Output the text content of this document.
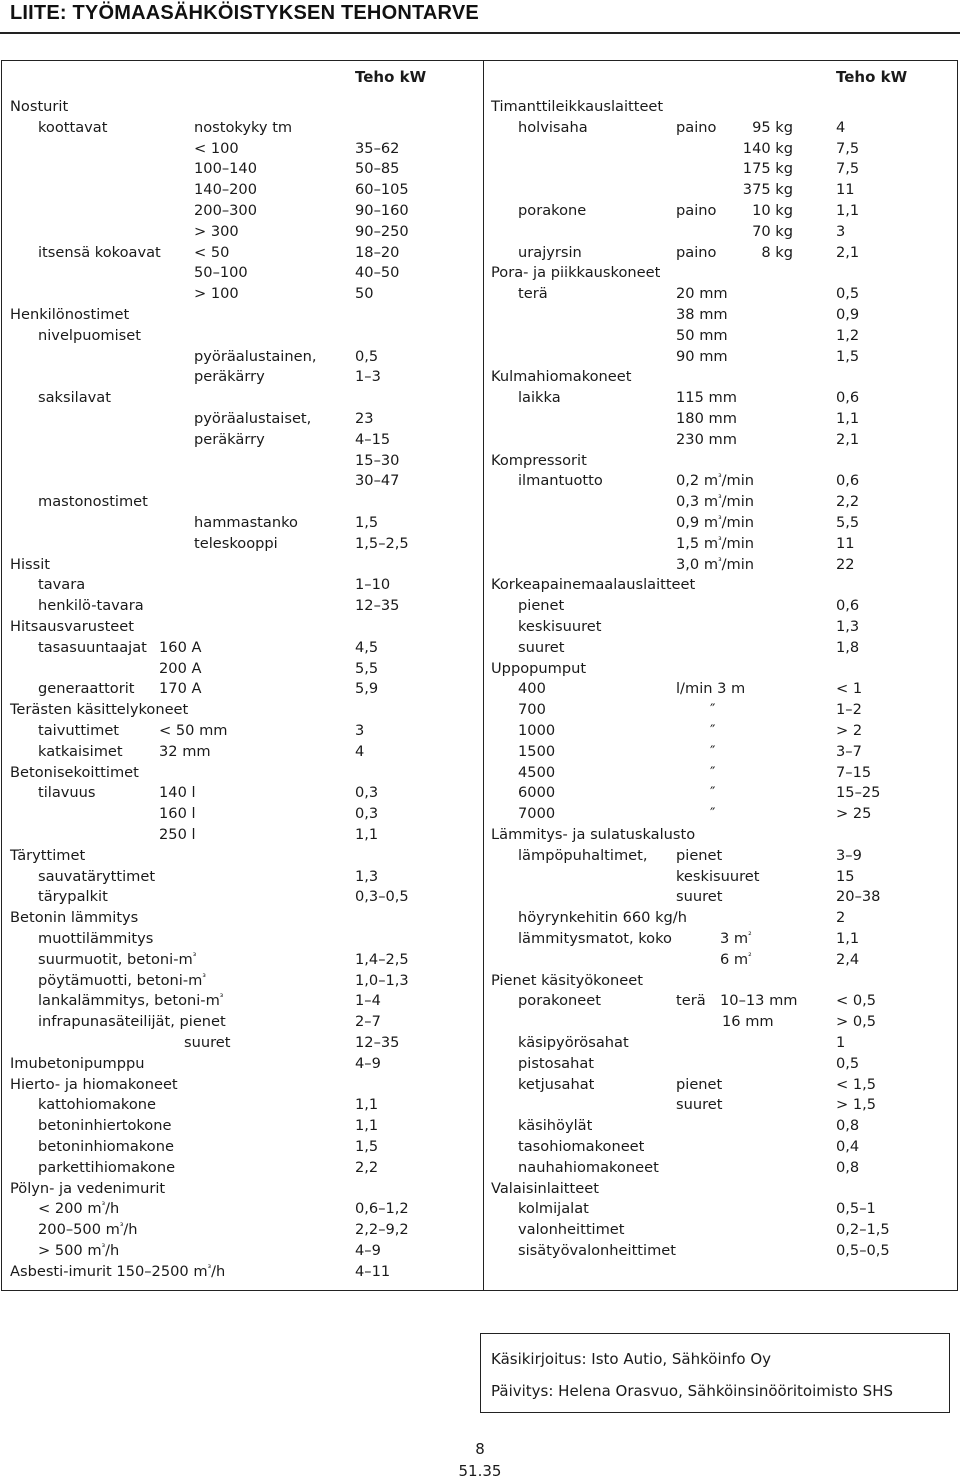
LIITE: TYÖMAASÄHKÖISTYKSEN TEHONTARVE
Teho kW	Teho kW
Nosturit
koottavat	nostokyky tm
< 100	35–62
100–140	50–85
140–200	60–105
200–300	90–160
> 300	90–250
itsensä kokoavat < 50	18–20
50–100	40–50
> 100	50
Henkilönostimet
nivelpuomiset
pyöräalustainen,	0,5
peräkärry	1–3
saksilavat
pyöräalustaiset,	23
peräkärry	4–15
15–30
30–47
mastonostimet
hammastanko	1,5
teleskooppi	1,5–2,5
Hissit
tavara	1–10
henkilö-tavara	12–35
Hitsausvarusteet
tasasuuntaajat 160 A	4,5
200 A	5,5
generaattorit 170 A	5,9
Terästen käsittelykoneet
taivuttimet	< 50 mm	3
katkaisimet 32 mm	4
Betonisekoittimet
tilavuus	140 l	0,3
160 l	0,3
250 l	1,1
Täryttimet
sauvatäryttimet	1,3
tärypalkit	0,3–0,5
Betonin lämmitys
muottilämmitys
suurmuotit, betoni-$m^{^3}$	1,4–2,5
pöytämuotti, betoni-$m^{^3}$	1,0–1,3
lankalämmitys, betoni-$m^{^3}$	1–4
infrapunasäteilijät, pienet	2–7
suuret	12–35
Imubetonipumppu	4–9
Hierto- ja hiomakoneet
kattohiomakone	1,1
betoninhiertokone	1,1
betoninhiomakone	1,5
parkettihiomakone	2,2
Pölyn- ja vedenimurit
< 200 $m^{^3}/h$	0,6–1,2
200–500 $m^{^3}/h$	2,2–9,2
> 500 $m^{^3}/h$	4–9
Asbesti-imurit 150–2500 $m^{^3}/h$	4–11
Timanttileikkauslaitteet
holvisaha	paino 95 kg	4
140 kg	7,5
175 kg	7,5
375 kg	11
porakone	paino 10 kg	1,1
70 kg	3
urajyrsin	paino	8 kg	2,1
Pora- ja piikkauskoneet
terä	20 mm	0,5
38 mm	0,9
50 mm	1,2
90 mm	1,5
Kulmahiomakoneet
laikka	115 mm	0,6
180 mm	1,1
230 mm	2,1
Kompressorit
ilmantuotto	0,2 $m^{^3}/\min$	0,6
0,3 $m^{^3}/\min$	2,2
0,9 $m^{^3}/\min$	5,5
1,5 $m^{^3}/\min$	11
3,0 $m^{^3}/\min$	22
Korkeapainemaalauslaitteet
pienet	0,6
keskisuuret	1,3
suuret	1,8
Uppopumput
400	l/min 3 m	< 1
700	″	1–2
1000	″	> 2
1500	″	3–7
4500	″	7–15
6000	″	15–25
7000	″	> 25
Lämmitys- ja sulatuskalusto
lämpöpuhaltimet, pienet	3–9
keskisuuret	15
suuret	20–38
höyrynkehitin 660 kg/h	2
lämmitysmatot, koko	3 $m^{^2}$	1,1
6 $m^{^2}$	2,4
Pienet käsityökoneet
porakoneet	terä 10–13 mm	< 0,5
16 mm	> 0,5
käsipyörösahat	1
pistosahat	0,5
ketjusahat	pienet	< 1,5
suuret	> 1,5
käsihöylät	0,8
tasohiomakoneet	0,4
nauhahiomakoneet	0,8
Valaisinlaitteet
kolmijalat	0,5–1
valonheittimet	0,2–1,5
sisätyövalonheittimet	0,5–0,5
Käsikirjoitus: Isto Autio, Sähköinfo Oy
Päivitys: Helena Orasvuo, Sähköinsinööritoimisto SHS
8
51.35
